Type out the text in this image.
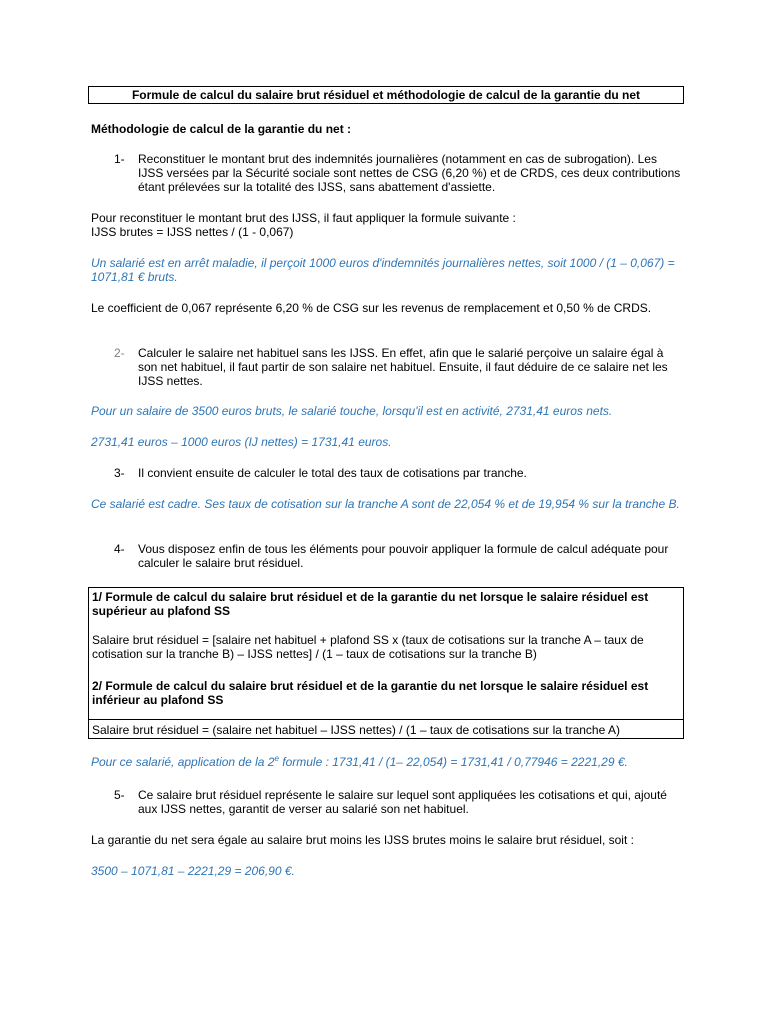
Formule de calcul du salaire brut résiduel et méthodologie de calcul de la garantie du net
Méthodologie de calcul de la garantie du net :
1-	Reconstituer le montant brut des indemnités journalières (notamment en cas de subrogation). Les IJSS versées par la Sécurité sociale sont nettes de CSG (6,20 %) et de CRDS, ces deux contributions étant prélevées sur la totalité des IJSS, sans abattement d'assiette.
Pour reconstituer le montant brut des IJSS, il faut appliquer la formule suivante :
IJSS brutes = IJSS nettes / (1 - 0,067)
Un salarié est en arrêt maladie, il perçoit 1000 euros d'indemnités journalières nettes, soit 1000 / (1 – 0,067) = 1071,81 € bruts.
Le coefficient de 0,067 représente 6,20 % de CSG sur les revenus de remplacement et 0,50 % de CRDS.
2-	Calculer le salaire net habituel sans les IJSS. En effet, afin que le salarié perçoive un salaire égal à son net habituel, il faut partir de son salaire net habituel. Ensuite, il faut déduire de ce salaire net les IJSS nettes.
Pour un salaire de 3500 euros bruts, le salarié touche, lorsqu'il est en activité, 2731,41 euros nets.
2731,41 euros – 1000 euros (IJ nettes) = 1731,41 euros.
3-	Il convient ensuite de calculer le total des taux de cotisations par tranche.
Ce salarié est cadre. Ses taux de cotisation sur la tranche A sont de 22,054 % et de 19,954 % sur la tranche B.
4-	Vous disposez enfin de tous les éléments pour pouvoir appliquer la formule de calcul adéquate pour calculer le salaire brut résiduel.
1/ Formule de calcul du salaire brut résiduel et de la garantie du net lorsque le salaire résiduel est supérieur au plafond SS
Salaire brut résiduel = [salaire net habituel + plafond SS x (taux de cotisations sur la tranche A – taux de cotisation sur la tranche B) – IJSS nettes] / (1 – taux de cotisations sur la tranche B)
2/ Formule de calcul du salaire brut résiduel et de la garantie du net lorsque le salaire résiduel est inférieur au plafond SS
Salaire brut résiduel = (salaire net habituel – IJSS nettes) / (1 – taux de cotisations sur la tranche A)
Pour ce salarié, application de la 2e formule : 1731,41 / (1– 22,054) = 1731,41 / 0,77946 = 2221,29 €.
5-	Ce salaire brut résiduel représente le salaire sur lequel sont appliquées les cotisations et qui, ajouté aux IJSS nettes, garantit de verser au salarié son net habituel.
La garantie du net sera égale au salaire brut moins les IJSS brutes moins le salaire brut résiduel, soit :
3500 – 1071,81 – 2221,29 = 206,90 €.
